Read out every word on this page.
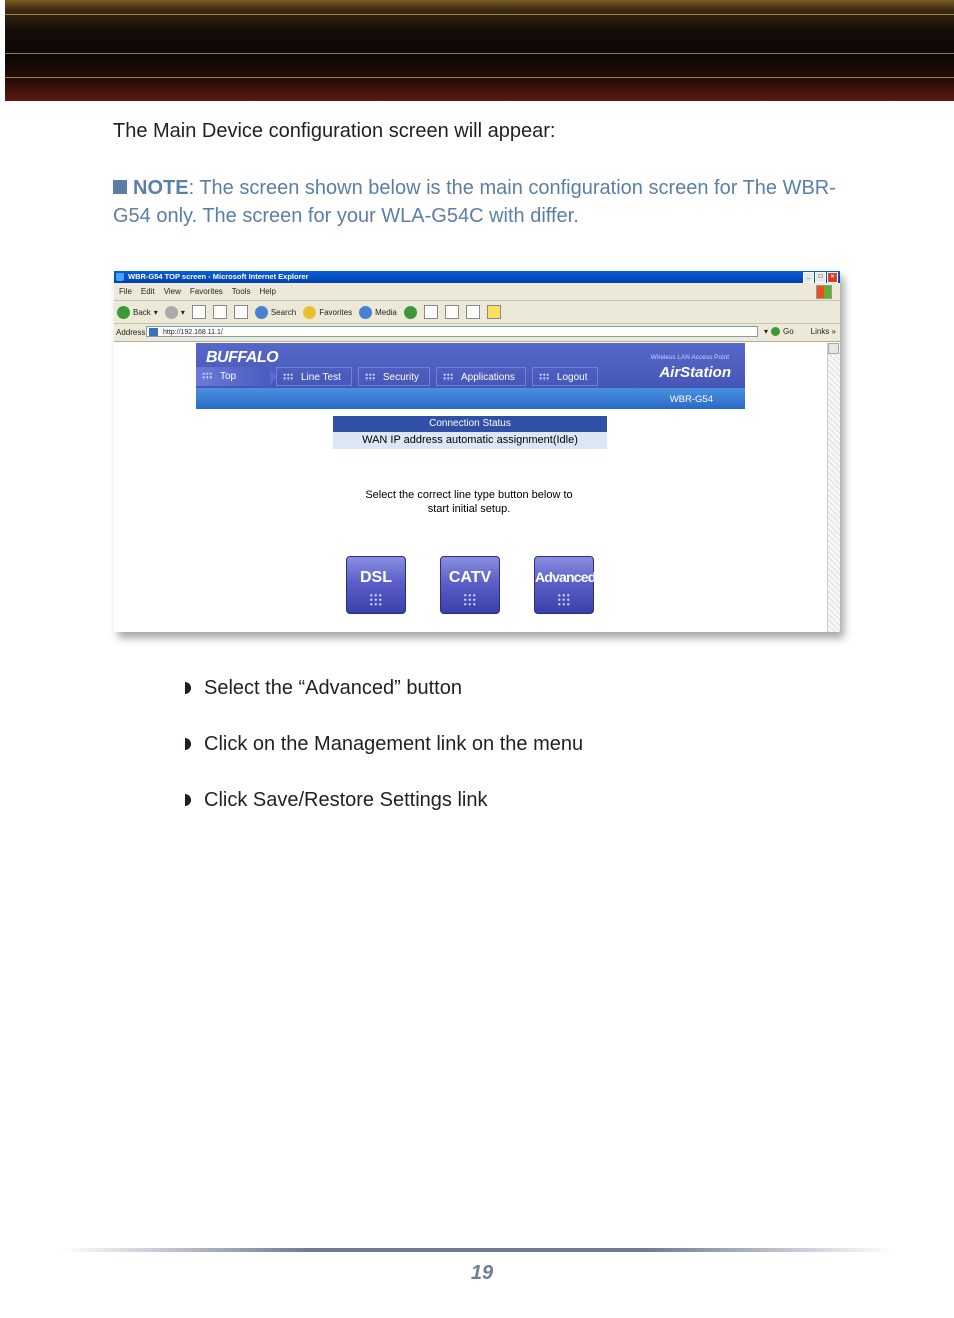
The Main Device configuration screen will appear:
NOTE: The screen shown below is the main configuration screen for The WBR-G54 only. The screen for your WLA-G54C with differ.
WBR-G54 TOP screen - Microsoft Internet Explorer	_	□	×
File Edit View Favorites Tools Help
Back ▾	▾	Search	Favorites	Media
Address	http://192.168.11.1/	▾ Go Links »
BUFFALO	Wireless LAN Access Point
AirStation
Top	Line Test	Security	Applications	Logout
WBR-G54
Connection Status
WAN IP address automatic assignment(Idle)
Select the correct line type button below to
start initial setup.
DSL	CATV	Advanced
Select the “Advanced” button
Click on the Management link on the menu
Click Save/Restore Settings link
19
